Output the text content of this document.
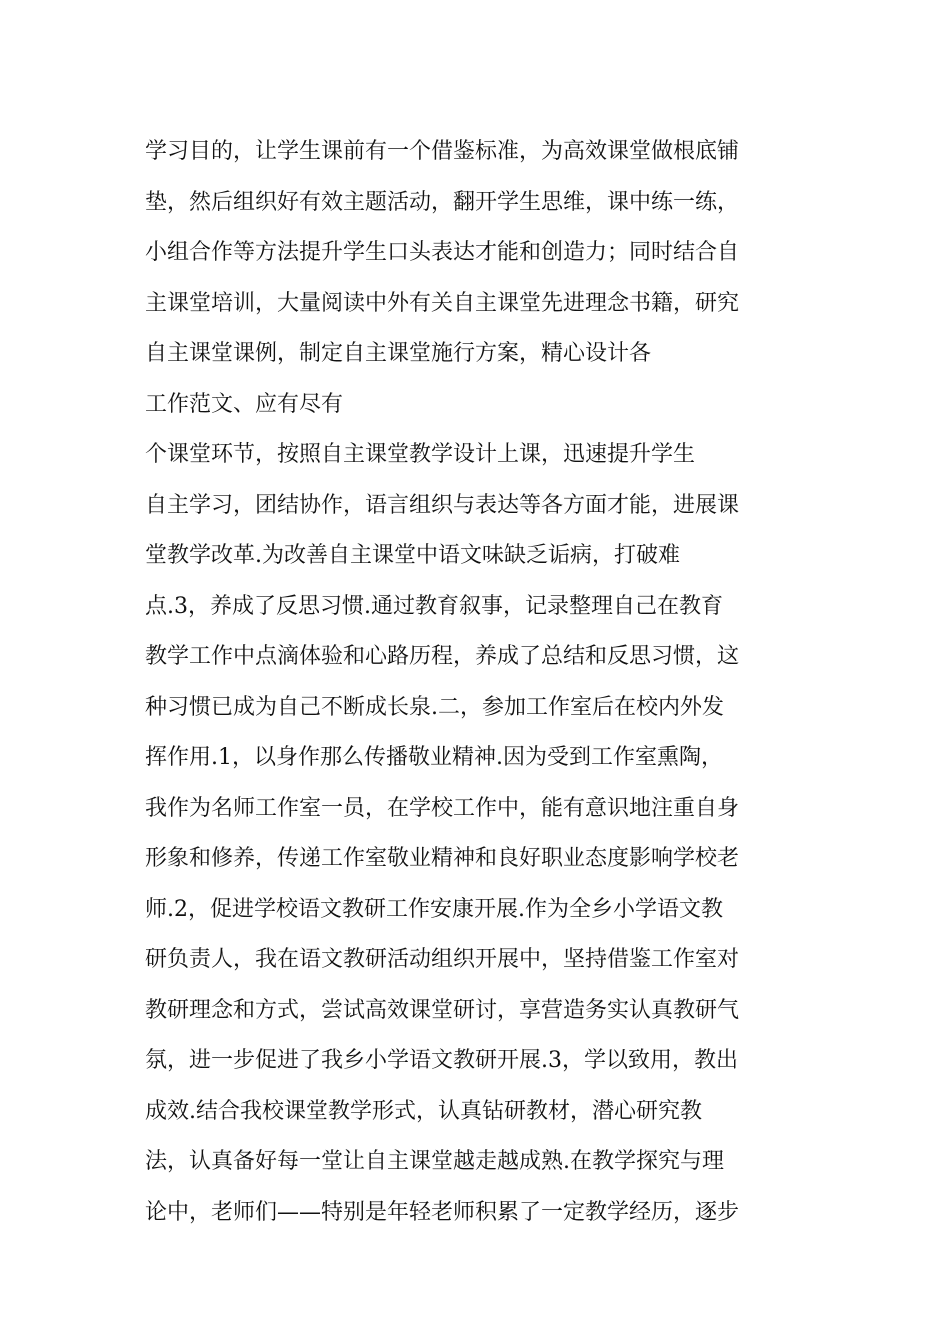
学习目的，让学生课前有一个借鉴标准，为高效课堂做根底铺
垫，然后组织好有效主题活动，翻开学生思维，课中练一练，
小组合作等方法提升学生口头表达才能和创造力；同时结合自
主课堂培训，大量阅读中外有关自主课堂先进理念书籍，研究
自主课堂课例，制定自主课堂施行方案，精心设计各
工作范文、应有尽有
个课堂环节，按照自主课堂教学设计上课，迅速提升学生
自主学习，团结协作，语言组织与表达等各方面才能，进展课
堂教学改革.为改善自主课堂中语文味缺乏诟病，打破难
点.3，养成了反思习惯.通过教育叙事，记录整理自己在教育
教学工作中点滴体验和心路历程，养成了总结和反思习惯，这
种习惯已成为自己不断成长泉.二，参加工作室后在校内外发
挥作用.1，以身作那么传播敬业精神.因为受到工作室熏陶，
我作为名师工作室一员，在学校工作中，能有意识地注重自身
形象和修养，传递工作室敬业精神和良好职业态度影响学校老
师.2，促进学校语文教研工作安康开展.作为全乡小学语文教
研负责人，我在语文教研活动组织开展中，坚持借鉴工作室对
教研理念和方式，尝试高效课堂研讨，享营造务实认真教研气
氛，进一步促进了我乡小学语文教研开展.3，学以致用，教出
成效.结合我校课堂教学形式，认真钻研教材，潜心研究教
法，认真备好每一堂让自主课堂越走越成熟.在教学探究与理
论中，老师们——特别是年轻老师积累了一定教学经历，逐步
